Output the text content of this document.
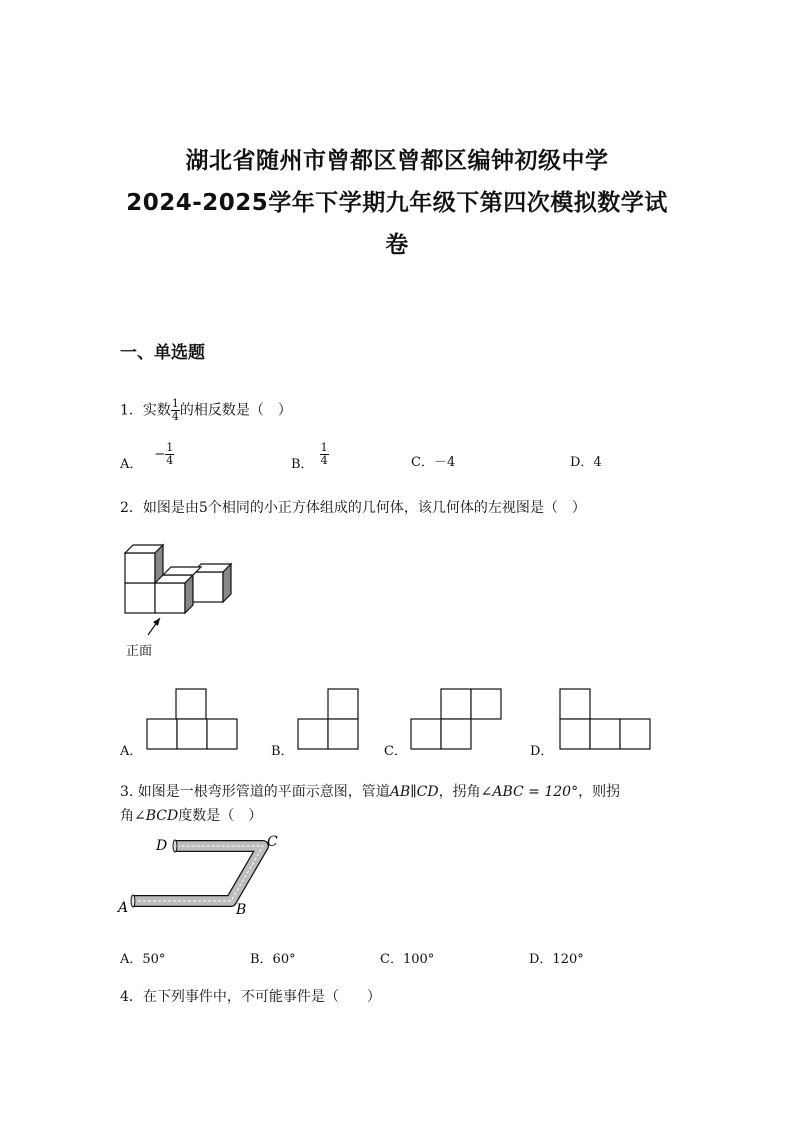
湖北省随州市曾都区曾都区编钟初级中学
2024-2025学年下学期九年级下第四次模拟数学试
卷
一、单选题
1．实数 $\frac{1}{4}$ 的相反数是（　）
A．− $\frac{1}{4}$	B． $\frac{1}{4}$	C．－4	D．4
2．如图是由5个相同的小正方体组成的几何体，该几何体的左视图是（　）
正面
A．	B．	C．	D．
3. 如图是一根弯形管道的平面示意图，管道AB∥CD，拐角∠ABC = 120°，则拐
角∠BCD度数是（　）
A	B
C
D
A．50°	B．60°	C．100°	D．120°
4．在下列事件中，不可能事件是（　　）
